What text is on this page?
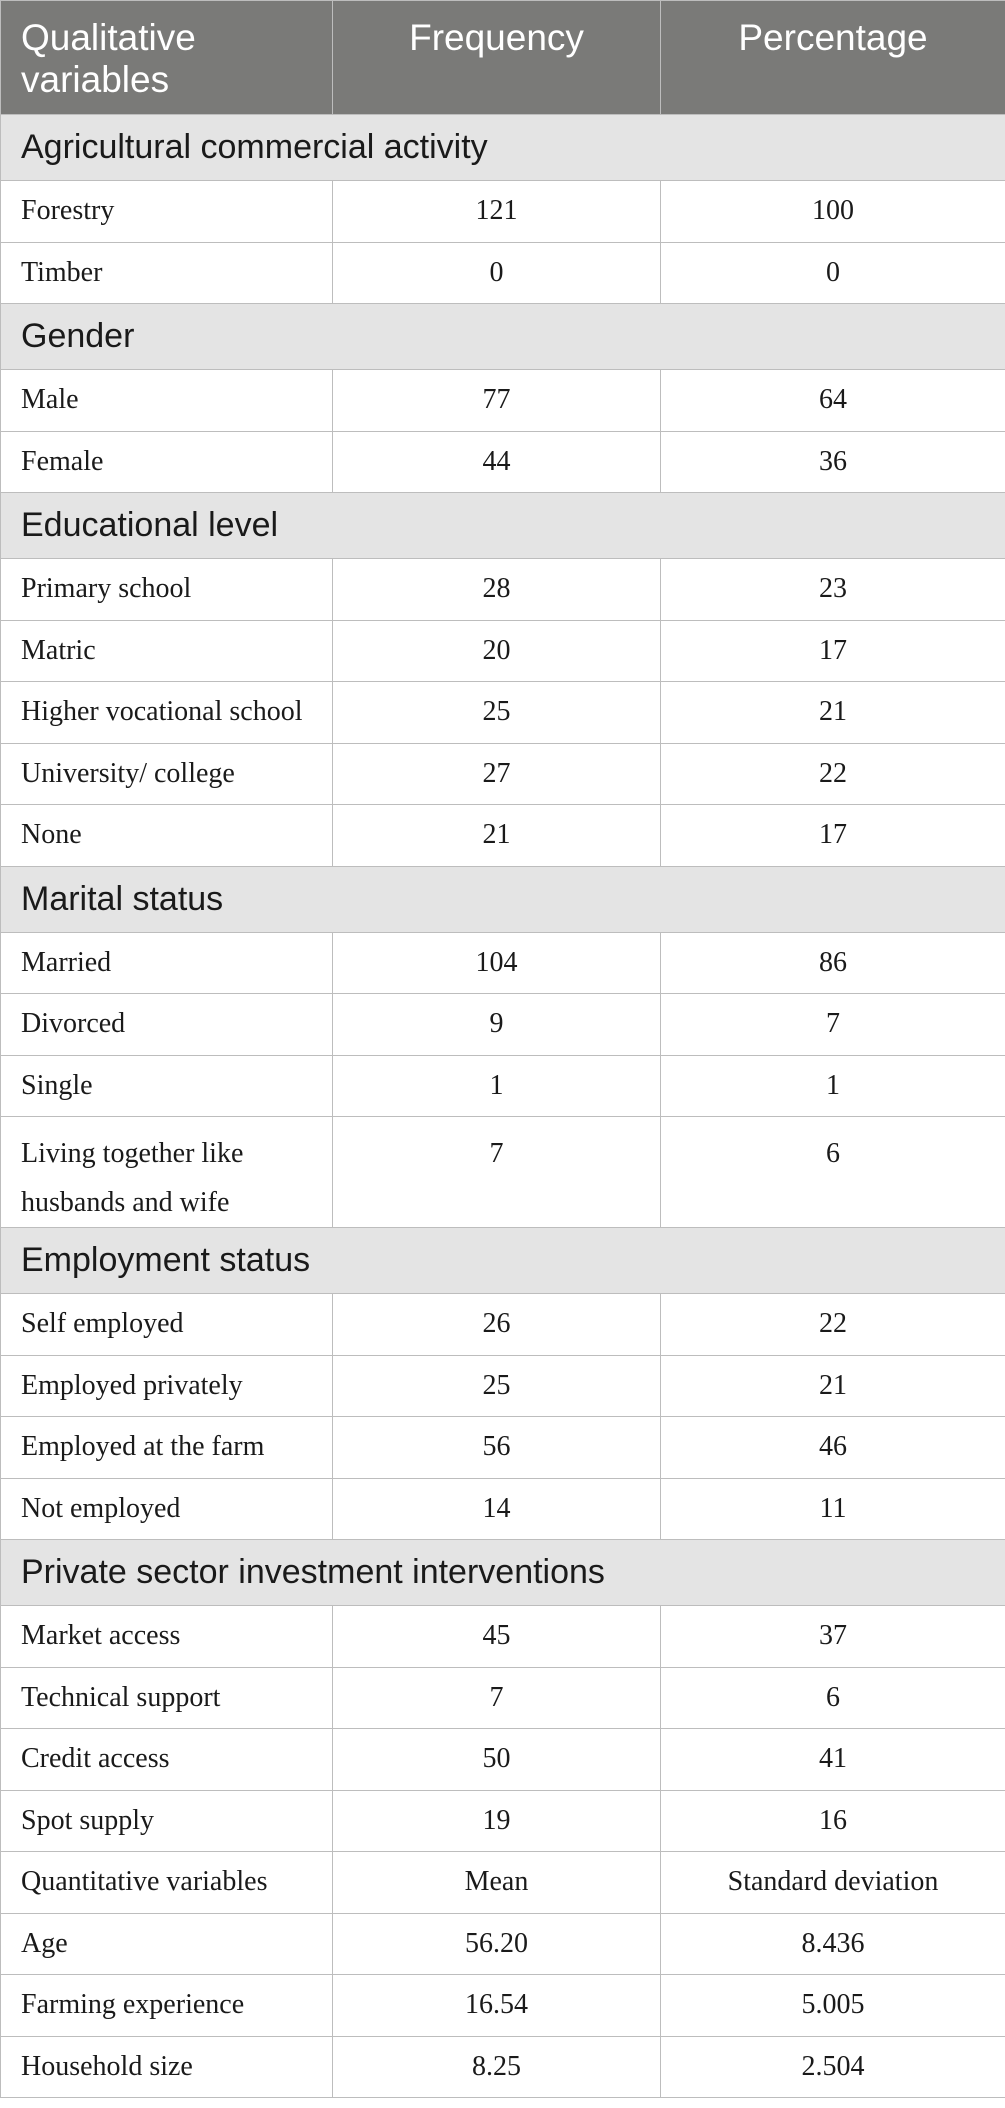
Qualitative variables	Frequency	Percentage
Agricultural commercial activity		
Forestry	121	100
Timber	0	0
Gender		
Male	77	64
Female	44	36
Educational level		
Primary school	28	23
Matric	20	17
Higher vocational school	25	21
University/ college	27	22
None	21	17
Marital status		
Married	104	86
Divorced	9	7
Single	1	1
Living together like husbands and wife	7	6
Employment status		
Self employed	26	22
Employed privately	25	21
Employed at the farm	56	46
Not employed	14	11
Private sector investment interventions		
Market access	45	37
Technical support	7	6
Credit access	50	41
Spot supply	19	16
Quantitative variables	Mean	Standard deviation
Age	56.20	8.436
Farming experience	16.54	5.005
Household size	8.25	2.504
